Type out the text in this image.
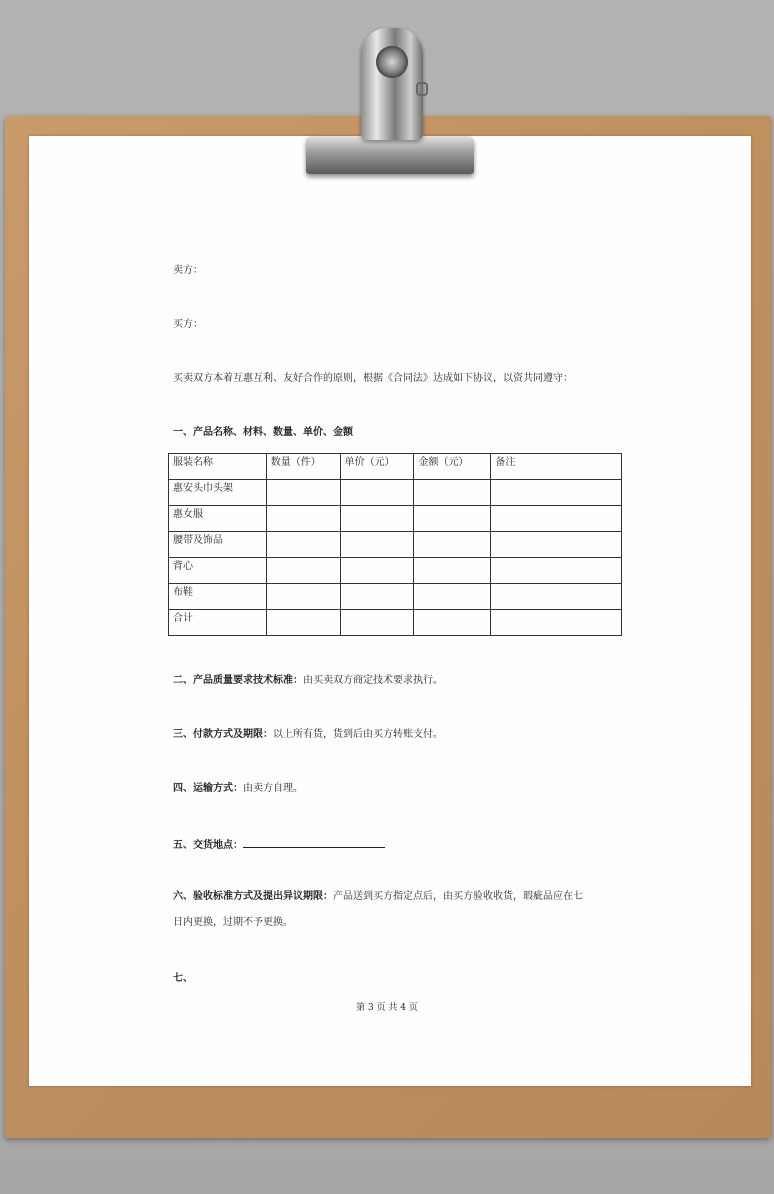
卖方：
买方：
买卖双方本着互惠互利、友好合作的原则，根据《合同法》达成如下协议，以资共同遵守：
一、产品名称、材料、数量、单价、金额
服装名称	数量（件）	单价（元）	金额（元）	备注
惠安头巾头架				
惠女服				
腰带及饰品				
背心				
布鞋				
合计				
二、产品质量要求技术标准：由买卖双方商定技术要求执行。
三、付款方式及期限：以上所有货，货到后由买方转账支付。
四、运输方式：由卖方自理。
五、交货地点：
六、验收标准方式及提出异议期限：产品送到买方指定点后，由买方验收收货，瑕疵品应在七
日内更换，过期不予更换。
七、
第 3 页 共 4 页
